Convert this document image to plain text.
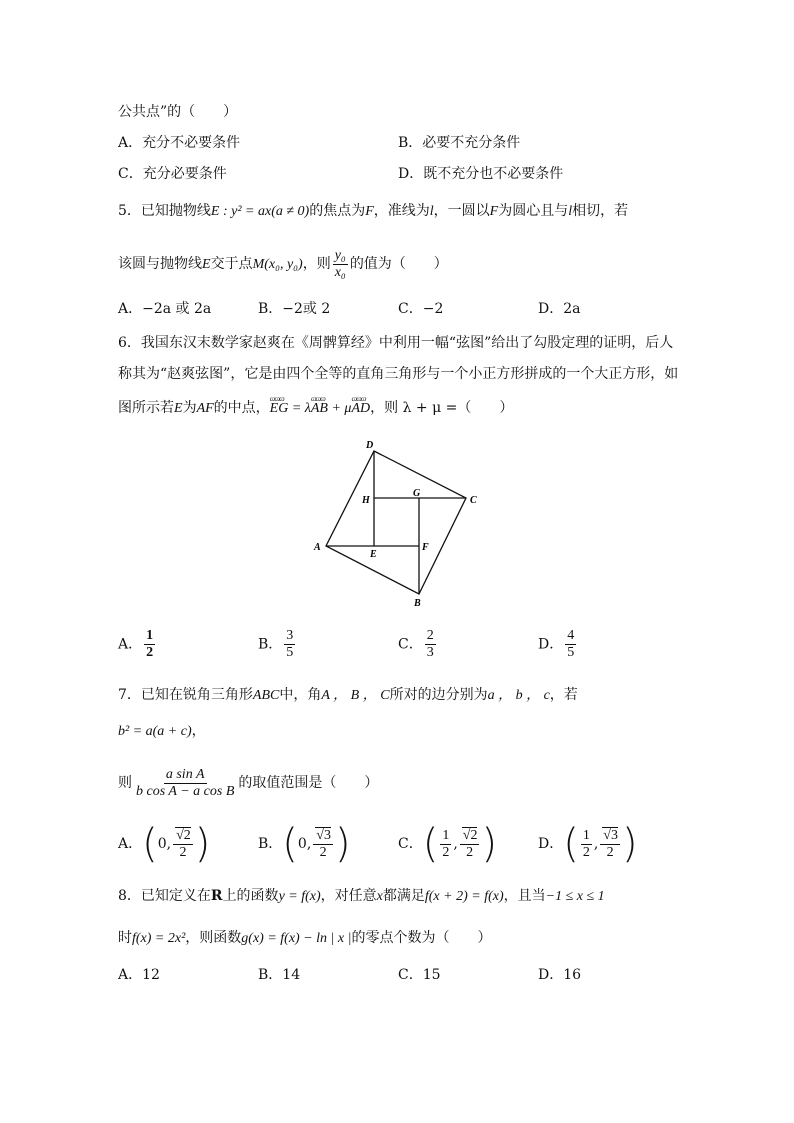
公共点”的（　　）
A．充分不必要条件	B．必要不充分条件
C．充分必要条件	D．既不充分也不必要条件
5．已知抛物线E : y² = ax(a ≠ 0)的焦点为F，准线为l，一圆以F为圆心且与l相切，若
该圆与抛物线E交于点M(x₀, y₀)，则 $\frac{\text{y₀}}{\text{x₀}}$ 的值为（　　）
A．−2a 或 2a	B．−2或 2	C．−2	D．2a
6．我国东汉末数学家赵爽在《周髀算经》中利用一幅“弦图”给出了勾股定理的证明，后人
称其为“赵爽弦图”，它是由四个全等的直角三角形与一个小正方形拼成的一个大正方形，如
图所示若E为AF的中点，ɷɷɷ EG = λɷɷɷ AB + μɷɷɷ AD，则 λ + μ =（　　）
D
C
B
A
H
G
E
F
A． $\frac{1}{2}$	B． $\frac{3}{5}$	C． $\frac{2}{3}$	D． $\frac{4}{5}$
7．已知在锐角三角形ABC中，角A ， B ， C所对的边分别为a ， b ， c，若
b² = a(a + c)，
则 $\frac{\text{a sin A}}{\text{b cos A − a cos B}}$ 的取值范围是（　　）
A．(0, $\frac{√2}{2}$ )	B．(0, $\frac{√3}{2}$ )	C．( $\frac{1}{2}$ , $\frac{√2}{2}$ )	D．( $\frac{1}{2}$ , $\frac{√3}{2}$ )
8．已知定义在R上的函数y = f(x)，对任意x都满足f(x + 2) = f(x)，且当−1 ≤ x ≤ 1
时f(x) = 2x²，则函数g(x) = f(x) − ln | x |的零点个数为（　　）
A．12	B．14	C．15	D．16
